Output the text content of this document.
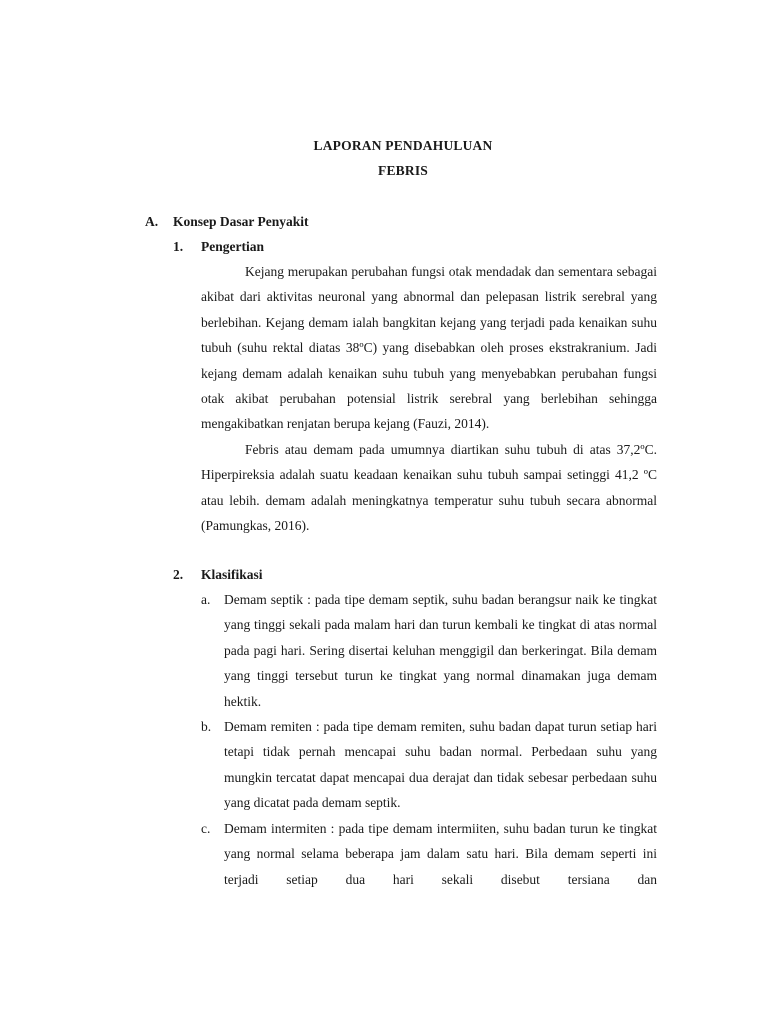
LAPORAN PENDAHULUAN
FEBRIS
A. Konsep Dasar Penyakit
1. Pengertian

Kejang merupakan perubahan fungsi otak mendadak dan sementara sebagai akibat dari aktivitas neuronal yang abnormal dan pelepasan listrik serebral yang berlebihan. Kejang demam ialah bangkitan kejang yang terjadi pada kenaikan suhu tubuh (suhu rektal diatas 38ºC) yang disebabkan oleh proses ekstrakranium. Jadi kejang demam adalah kenaikan suhu tubuh yang menyebabkan perubahan fungsi otak akibat perubahan potensial listrik serebral yang berlebihan sehingga mengakibatkan renjatan berupa kejang (Fauzi, 2014).

Febris atau demam pada umumnya diartikan suhu tubuh di atas 37,2ºC. Hiperpireksia adalah suatu keadaan kenaikan suhu tubuh sampai setinggi 41,2 ºC atau lebih. demam adalah meningkatnya temperatur suhu tubuh secara abnormal (Pamungkas, 2016).

2. Klasifikasi
a. Demam septik : pada tipe demam septik, suhu badan berangsur naik ke tingkat yang tinggi sekali pada malam hari dan turun kembali ke tingkat di atas normal pada pagi hari. Sering disertai keluhan menggigil dan berkeringat. Bila demam yang tinggi tersebut turun ke tingkat yang normal dinamakan juga demam hektik.

b. Demam remiten : pada tipe demam remiten, suhu badan dapat turun setiap hari tetapi tidak pernah mencapai suhu badan normal. Perbedaan suhu yang mungkin tercatat dapat mencapai dua derajat dan tidak sebesar perbedaan suhu yang dicatat pada demam septik.

c. Demam intermiten : pada tipe demam intermiiten, suhu badan turun ke tingkat yang normal selama beberapa jam dalam satu hari. Bila demam seperti ini terjadi setiap dua hari sekali disebut tersiana dan
